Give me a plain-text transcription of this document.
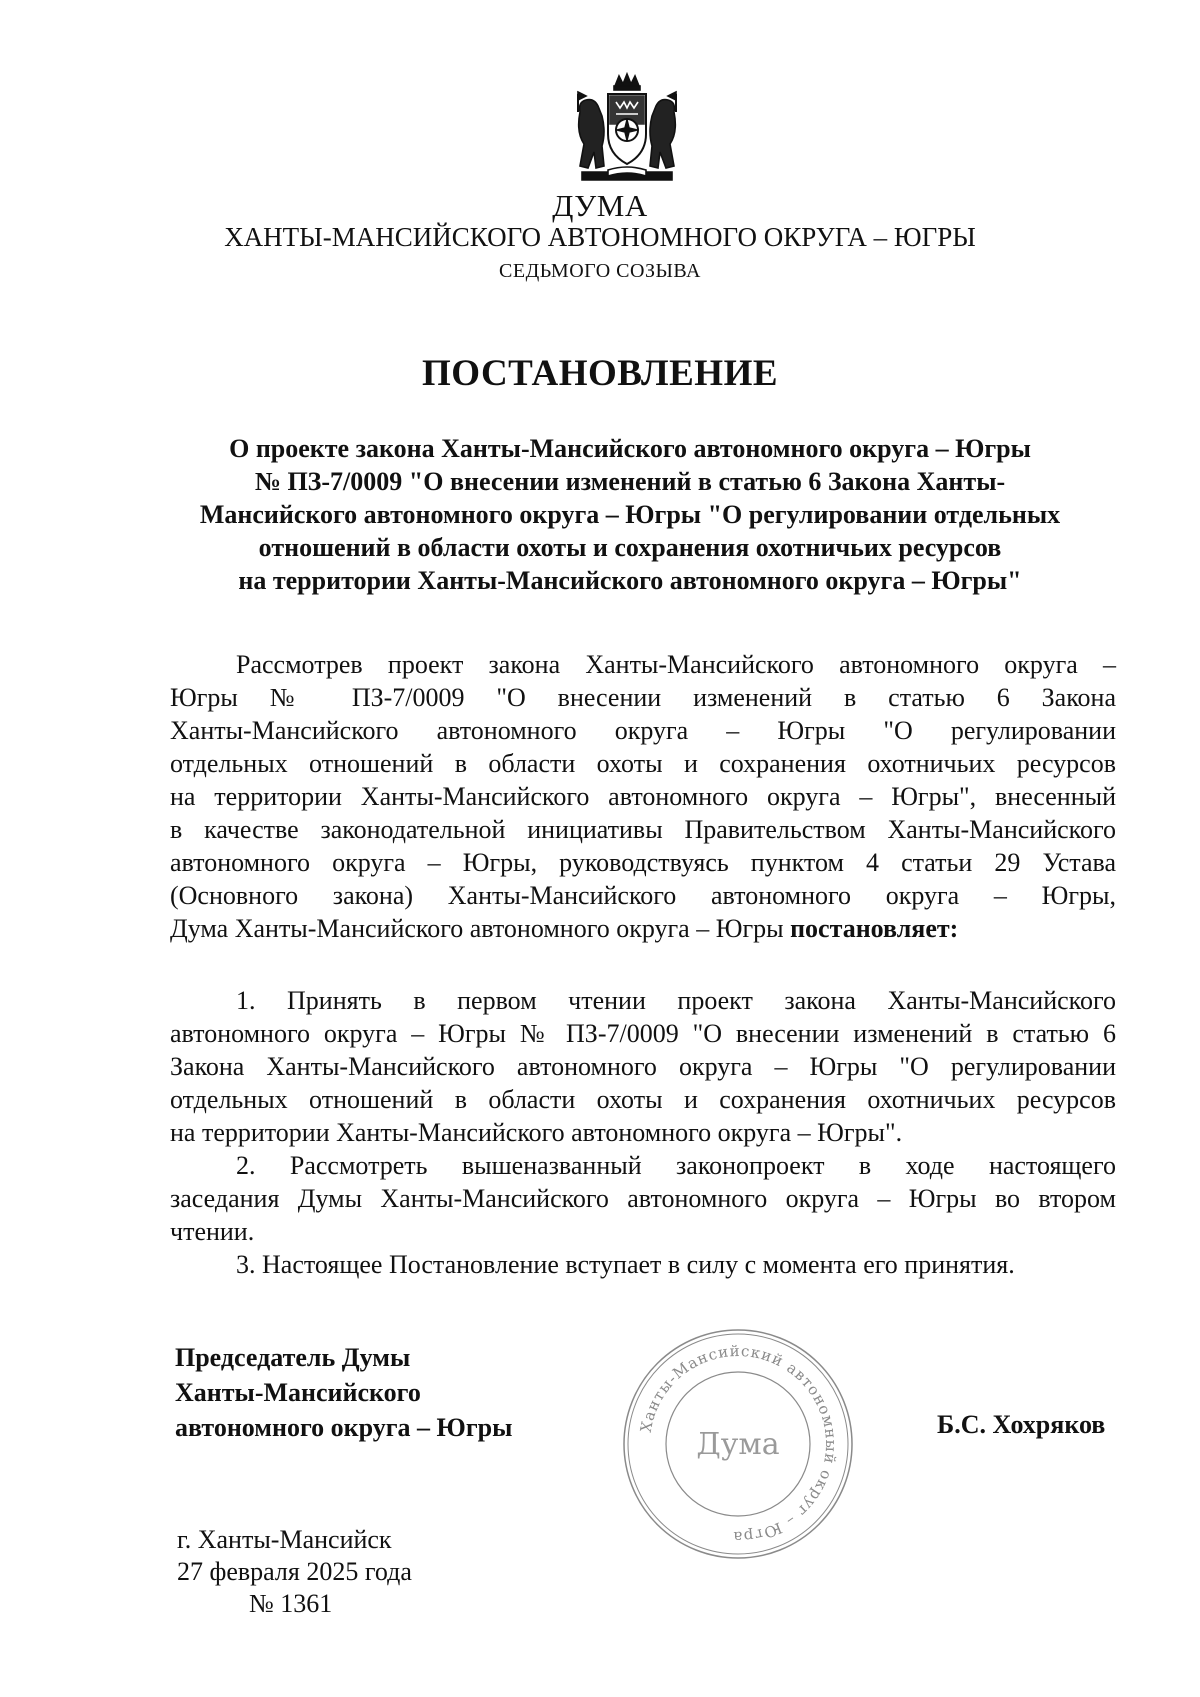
ДУМА
ХАНТЫ-МАНСИЙСКОГО АВТОНОМНОГО ОКРУГА – ЮГРЫ
СЕДЬМОГО СОЗЫВА
ПОСТАНОВЛЕНИЕ
О проекте закона Ханты-Мансийского автономного округа – Югры
№ ПЗ-7/0009 "О внесении изменений в статью 6 Закона Ханты-
Мансийского автономного округа – Югры "О регулировании отдельных
отношений в области охоты и сохранения охотничьих ресурсов
на территории Ханты-Мансийского автономного округа – Югры"
Рассмотрев проект закона Ханты-Мансийского автономного округа –
Югры № ПЗ-7/0009 "О внесении изменений в статью 6 Закона
Ханты-Мансийского автономного округа – Югры "О регулировании
отдельных отношений в области охоты и сохранения охотничьих ресурсов
на территории Ханты-Мансийского автономного округа – Югры", внесенный
в качестве законодательной инициативы Правительством Ханты-Мансийского
автономного округа – Югры, руководствуясь пунктом 4 статьи 29 Устава
(Основного закона) Ханты-Мансийского автономного округа – Югры,
Дума Ханты-Мансийского автономного округа – Югры постановляет:
1. Принять в первом чтении проект закона Ханты-Мансийского
автономного округа – Югры № ПЗ-7/0009 "О внесении изменений в статью 6
Закона Ханты-Мансийского автономного округа – Югры "О регулировании
отдельных отношений в области охоты и сохранения охотничьих ресурсов
на территории Ханты-Мансийского автономного округа – Югры".
2. Рассмотреть вышеназванный законопроект в ходе настоящего
заседания Думы Ханты-Мансийского автономного округа – Югры во втором
чтении.
3. Настоящее Постановление вступает в силу с момента его принятия.
Председатель Думы
Ханты-Мансийского
автономного округа – Югры	Ханты-Мансийский автономный округ – Югра
Дума
Б.С. Хохряков
г. Ханты-Мансийск
27 февраля 2025 года
№ 1361
